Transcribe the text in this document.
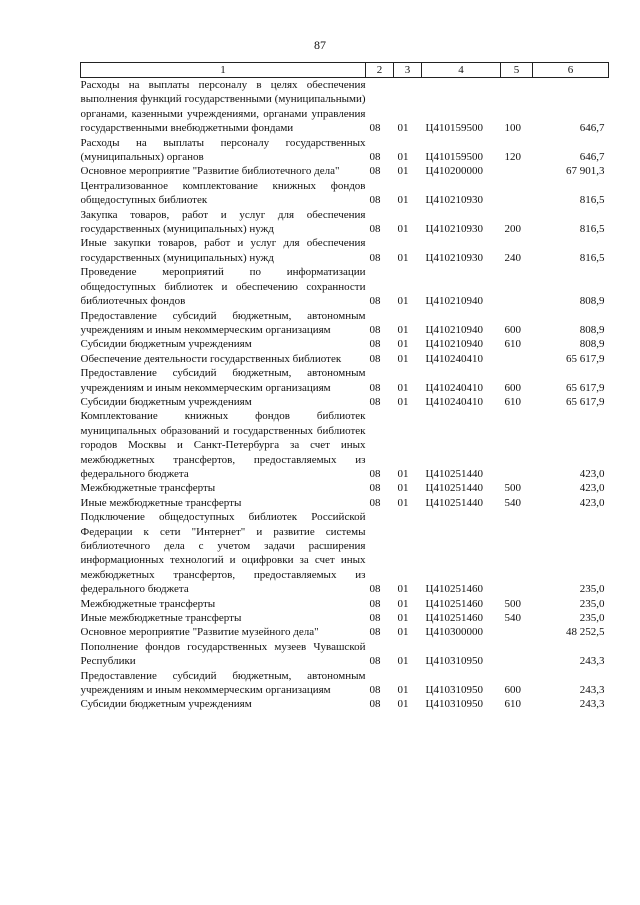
87
1	2	3	4	5	6
Расходы на выплаты персоналу в целях обеспечения выполнения функций государственными (муниципальными) органами, казенными учреждениями, органами управления государственными внебюджетными фондами	08	01	Ц410159500	100	646,7
Расходы на выплаты персоналу государственных (муниципальных) органов	08	01	Ц410159500	120	646,7
Основное мероприятие "Развитие библиотечного дела"	08	01	Ц410200000		67 901,3
Централизованное комплектование книжных фондов общедоступных библиотек	08	01	Ц410210930		816,5
Закупка товаров, работ и услуг для обеспечения государственных (муниципальных) нужд	08	01	Ц410210930	200	816,5
Иные закупки товаров, работ и услуг для обеспечения государственных (муниципальных) нужд	08	01	Ц410210930	240	816,5
Проведение мероприятий по информатизации общедоступных библиотек и обеспечению сохранности библиотечных фондов	08	01	Ц410210940		808,9
Предоставление субсидий бюджетным, автономным учреждениям и иным некоммерческим организациям	08	01	Ц410210940	600	808,9
Субсидии бюджетным учреждениям	08	01	Ц410210940	610	808,9
Обеспечение деятельности государственных библиотек	08	01	Ц410240410		65 617,9
Предоставление субсидий бюджетным, автономным учреждениям и иным некоммерческим организациям	08	01	Ц410240410	600	65 617,9
Субсидии бюджетным учреждениям	08	01	Ц410240410	610	65 617,9
Комплектование книжных фондов библиотек муниципальных образований и государственных библиотек городов Москвы и Санкт-Петербурга за счет иных межбюджетных трансфертов, предоставляемых из федерального бюджета	08	01	Ц410251440		423,0
Межбюджетные трансферты	08	01	Ц410251440	500	423,0
Иные межбюджетные трансферты	08	01	Ц410251440	540	423,0
Подключение общедоступных библиотек Российской Федерации к сети "Интернет" и развитие системы библиотечного дела с учетом задачи расширения информационных технологий и оцифровки за счет иных межбюджетных трансфертов, предоставляемых из федерального бюджета	08	01	Ц410251460		235,0
Межбюджетные трансферты	08	01	Ц410251460	500	235,0
Иные межбюджетные трансферты	08	01	Ц410251460	540	235,0
Основное мероприятие "Развитие музейного дела"	08	01	Ц410300000		48 252,5
Пополнение фондов государственных музеев Чувашской Республики	08	01	Ц410310950		243,3
Предоставление субсидий бюджетным, автономным учреждениям и иным некоммерческим организациям	08	01	Ц410310950	600	243,3
Субсидии бюджетным учреждениям	08	01	Ц410310950	610	243,3
